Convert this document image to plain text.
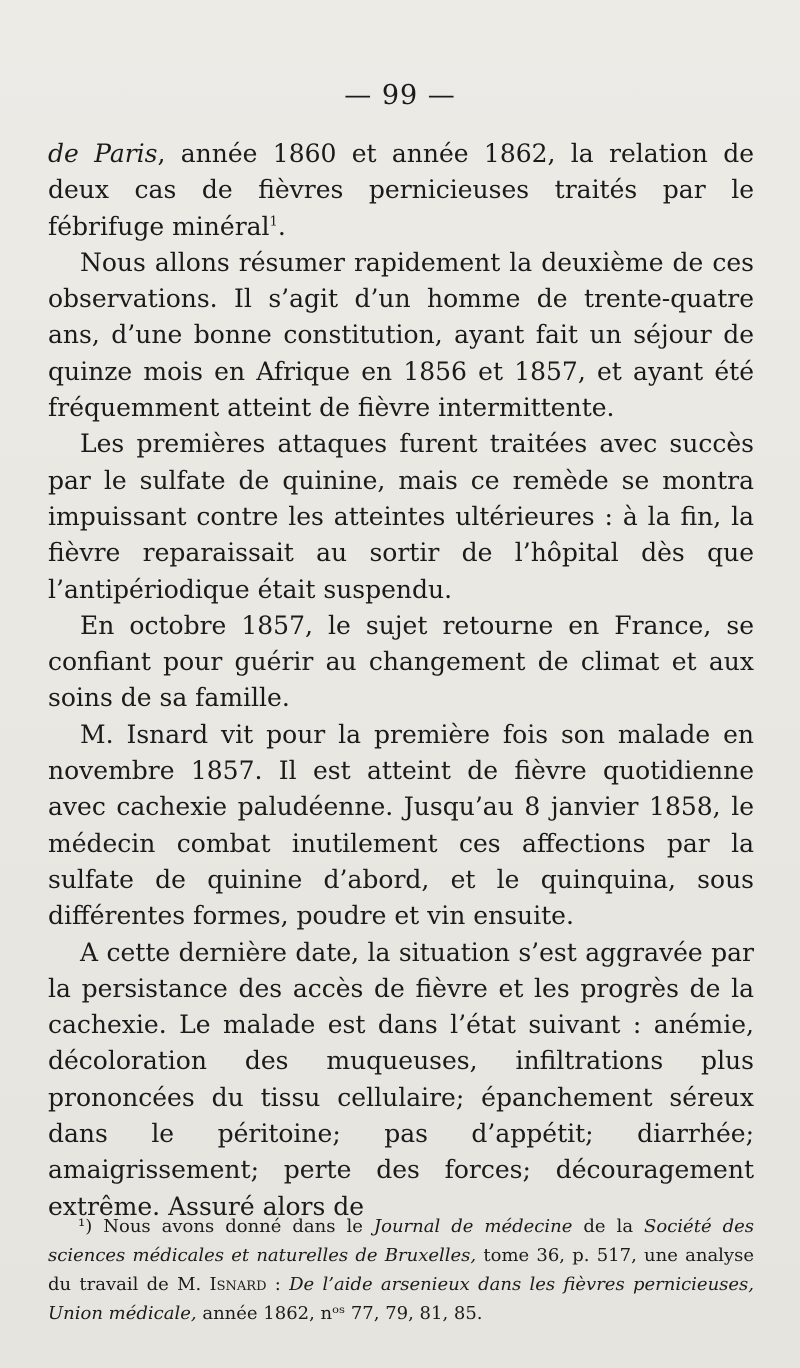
— 99 —

de Paris, année 1860 et année 1862, la relation de deux cas de fièvres pernicieuses traités par le fébrifuge minéral$^1$.

Nous allons résumer rapidement la deuxième de ces observations. Il s’agit d’un homme de trente-quatre ans, d’une bonne constitution, ayant fait un séjour de quinze mois en Afrique en 1856 et 1857, et ayant été fréquemment atteint de fièvre intermittente.

Les premières attaques furent traitées avec succès par le sulfate de quinine, mais ce remède se montra impuissant contre les atteintes ultérieures : à la fin, la fièvre reparaissait au sortir de l’hôpital dès que l’antipériodique était suspendu.

En octobre 1857, le sujet retourne en France, se confiant pour guérir au changement de climat et aux soins de sa famille.

M. Isnard vit pour la première fois son malade en novembre 1857. Il est atteint de fièvre quotidienne avec cachexie paludéenne. Jusqu’au 8 janvier 1858, le médecin combat inutilement ces affections par la sulfate de quinine d’abord, et le quinquina, sous différentes formes, poudre et vin ensuite.

A cette dernière date, la situation s’est aggravée par la persistance des accès de fièvre et les progrès de la cachexie. Le malade est dans l’état suivant : anémie, décoloration des muqueuses, infiltrations plus prononcées du tissu cellulaire; épanchement séreux dans le péritoine; pas d’appétit; diarrhée; amaigrissement; perte des forces; découragement extrême. Assuré alors de

¹) Nous avons donné dans le Journal de médecine de la Société des sciences médicales et naturelles de Bruxelles, tome 36, p. 517, une analyse du travail de M. Isnard : De l’aide arsenieux dans les fièvres pernicieuses, Union médicale, année 1862, nᵒˢ 77, 79, 81, 85.
